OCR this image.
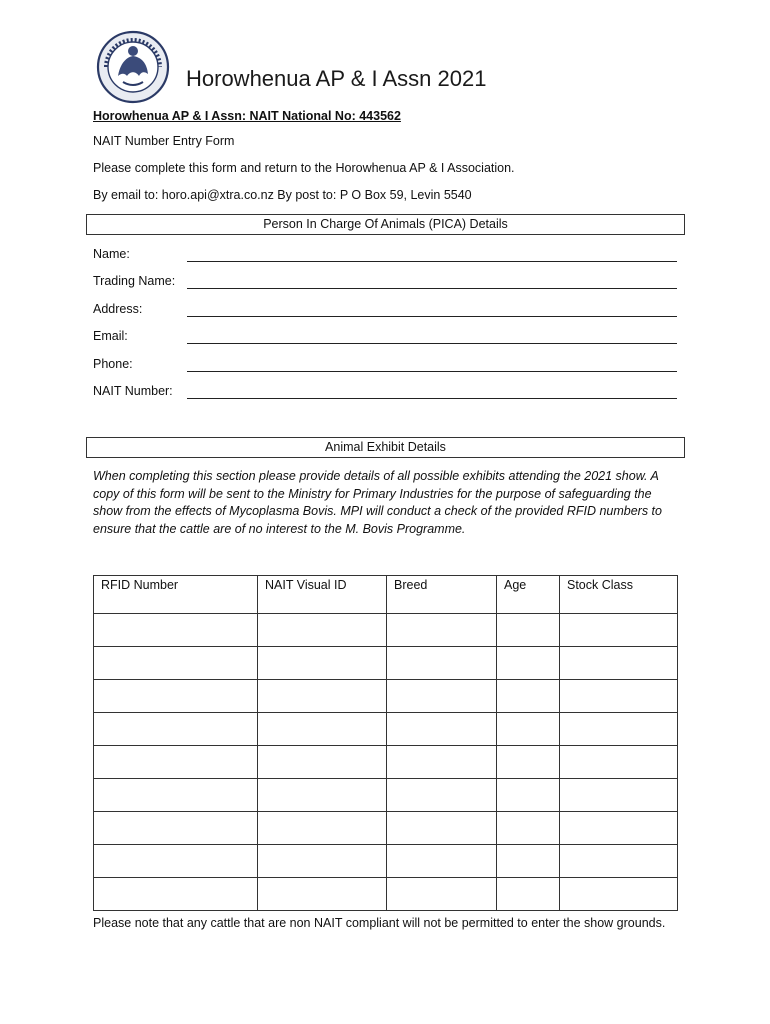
Horowhenua AP & I Assn 2021
Horowhenua AP & I Assn: NAIT National No: 443562
NAIT Number Entry Form
Please complete this form and return to the Horowhenua AP & I Association.
By email to: horo.api@xtra.co.nz By post to: P O Box 59, Levin 5540
Person In Charge Of Animals (PICA) Details
Name:
Trading Name:
Address:
Email:
Phone:
NAIT Number:
Animal Exhibit Details
When completing this section please provide details of all possible exhibits attending the 2021 show. A copy of this form will be sent to the Ministry for Primary Industries for the purpose of safeguarding the show from the effects of Mycoplasma Bovis. MPI will conduct a check of the provided RFID numbers to ensure that the cattle are of no interest to the M. Bovis Programme.
RFID Number	NAIT Visual ID	Breed	Age	Stock Class

Please note that any cattle that are non NAIT compliant will not be permitted to enter the show grounds.
